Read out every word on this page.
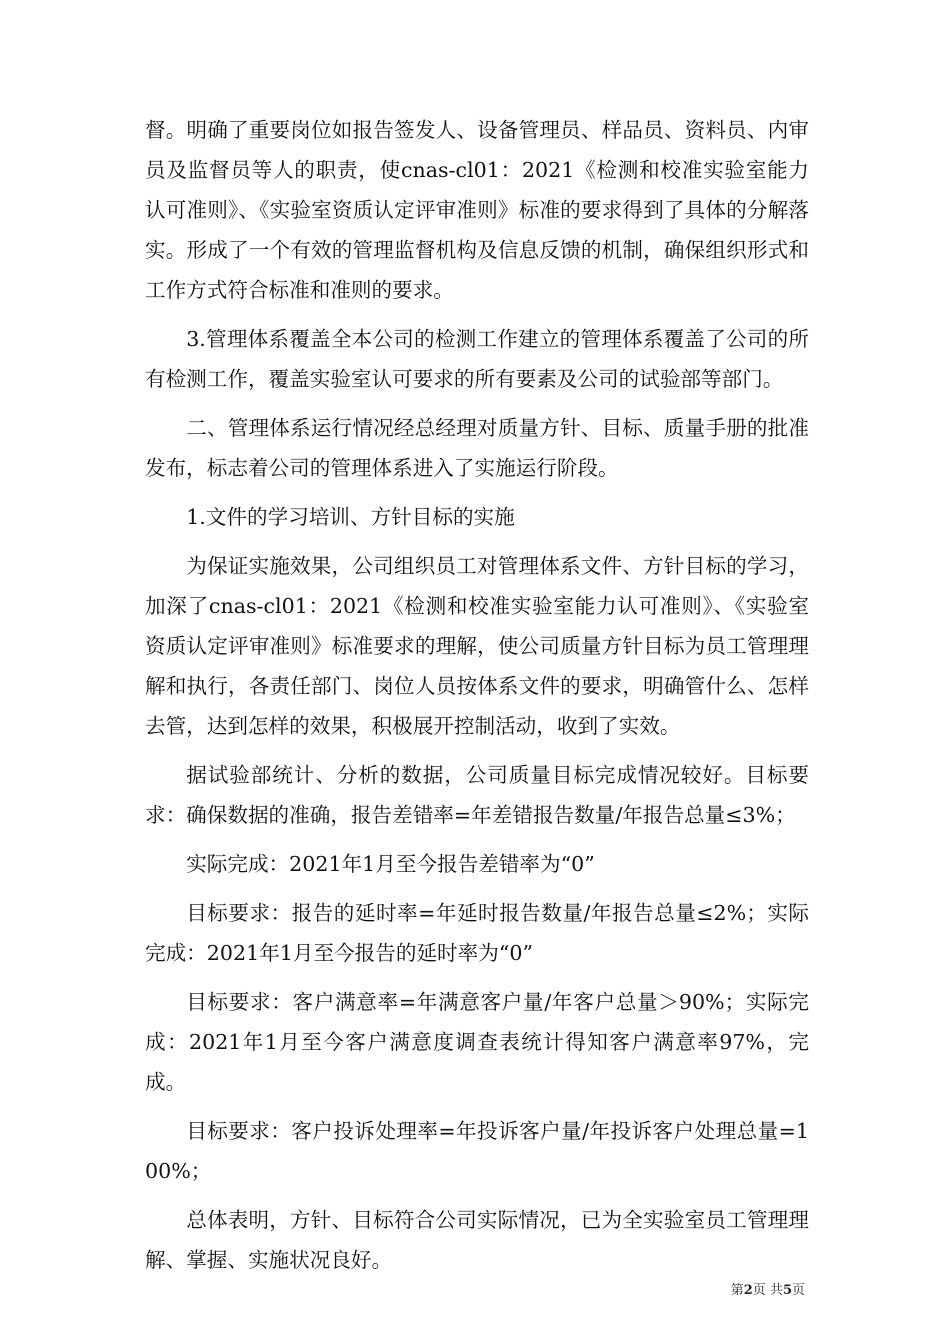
督。明确了重要岗位如报告签发人、设备管理员、样品员、资料员、内审员及监督员等人的职责，使cnas-cl01：2021《检测和校准实验室能力认可准则》、《实验室资质认定评审准则》标准的要求得到了具体的分解落实。形成了一个有效的管理监督机构及信息反馈的机制，确保组织形式和工作方式符合标准和准则的要求。

3.管理体系覆盖全本公司的检测工作建立的管理体系覆盖了公司的所有检测工作，覆盖实验室认可要求的所有要素及公司的试验部等部门。

二、管理体系运行情况经总经理对质量方针、目标、质量手册的批准发布，标志着公司的管理体系进入了实施运行阶段。

1.文件的学习培训、方针目标的实施

为保证实施效果，公司组织员工对管理体系文件、方针目标的学习，加深了cnas-cl01：2021《检测和校准实验室能力认可准则》、《实验室资质认定评审准则》标准要求的理解，使公司质量方针目标为员工管理理解和执行，各责任部门、岗位人员按体系文件的要求，明确管什么、怎样去管，达到怎样的效果，积极展开控制活动，收到了实效。

据试验部统计、分析的数据，公司质量目标完成情况较好。目标要求：确保数据的准确，报告差错率=年差错报告数量/年报告总量≤3%；

实际完成：2021年1月至今报告差错率为“0”

目标要求：报告的延时率=年延时报告数量/年报告总量≤2%；实际完成：2021年1月至今报告的延时率为“0”

目标要求：客户满意率=年满意客户量/年客户总量＞90%；实际完成：2021年1月至今客户满意度调查表统计得知客户满意率97%，完成。

目标要求：客户投诉处理率=年投诉客户量/年投诉客户处理总量=100%；

总体表明，方针、目标符合公司实际情况，已为全实验室员工管理理解、掌握、实施状况良好。

第2页 共5页
